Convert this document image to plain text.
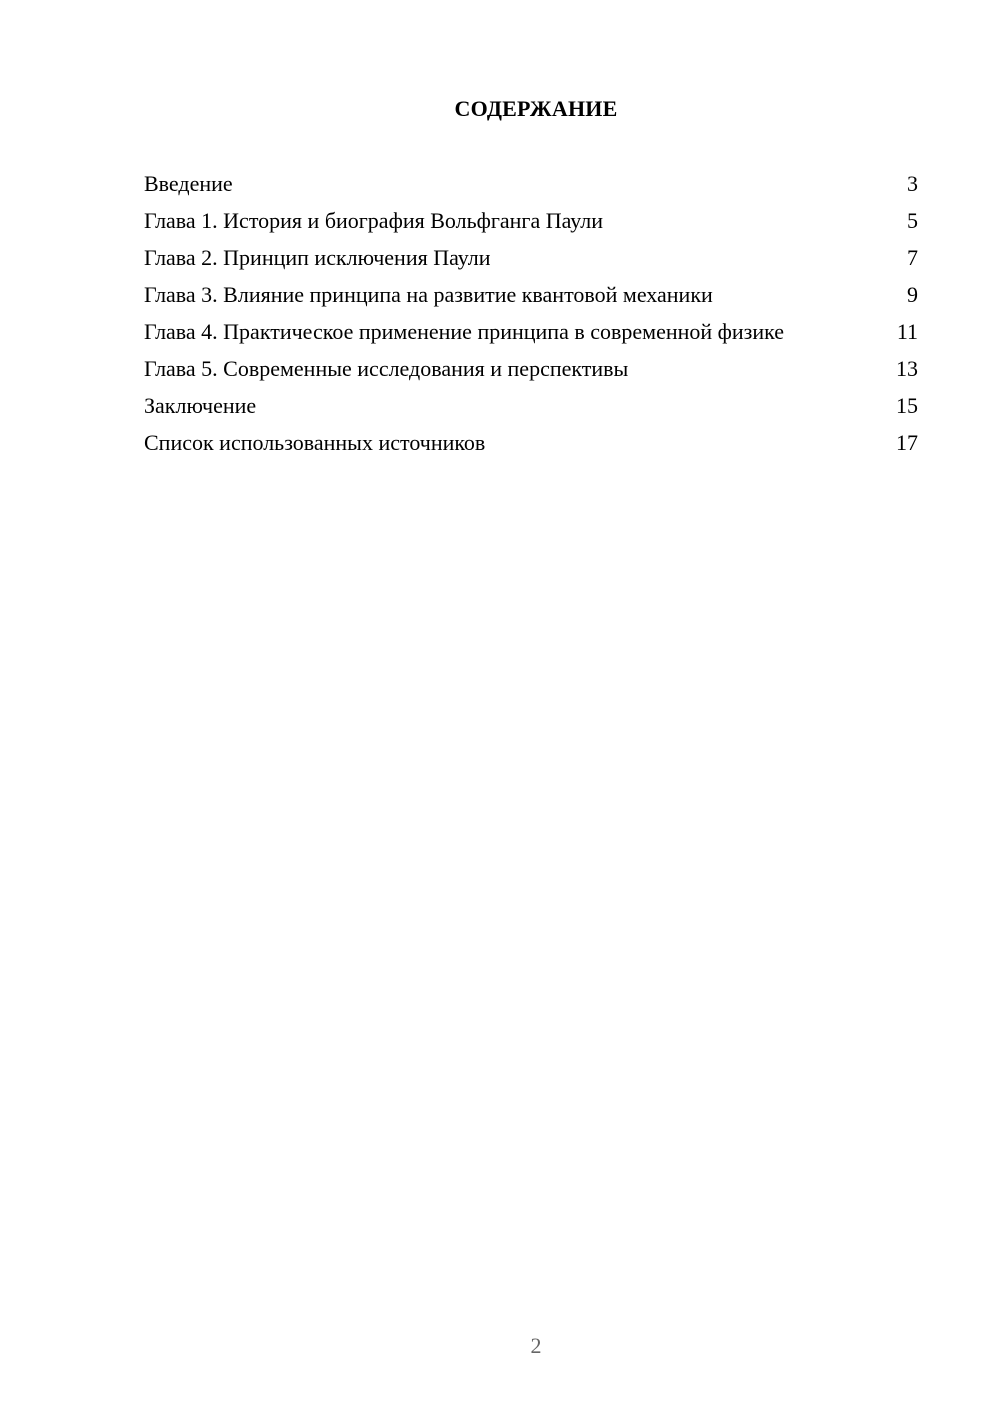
СОДЕРЖАНИЕ
Введение	3
Глава 1. История и биография Вольфганга Паули	5
Глава 2. Принцип исключения Паули	7
Глава 3. Влияние принципа на развитие квантовой механики	9
Глава 4. Практическое применение принципа в современной физике	11
Глава 5. Современные исследования и перспективы	13
Заключение	15
Список использованных источников	17
2
